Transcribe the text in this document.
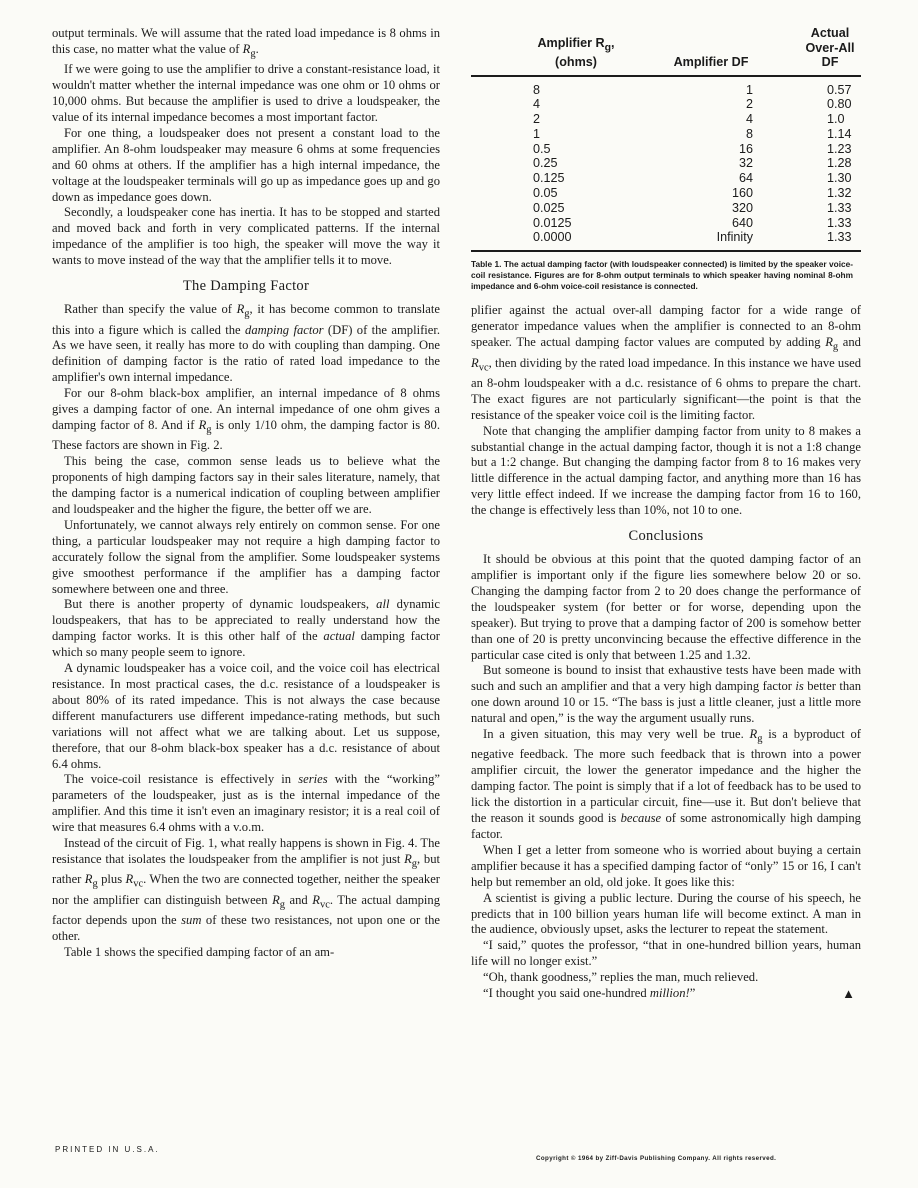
output terminals. We will assume that the rated load impedance is 8 ohms in this case, no matter what the value of $R_g$.

If we were going to use the amplifier to drive a constant-resistance load, it wouldn't matter whether the internal impedance was one ohm or 10 ohms or 10,000 ohms. But because the amplifier is used to drive a loudspeaker, the value of its internal impedance becomes a most important factor.

For one thing, a loudspeaker does not present a constant load to the amplifier. An 8-ohm loudspeaker may measure 6 ohms at some frequencies and 60 ohms at others. If the amplifier has a high internal impedance, the voltage at the loudspeaker terminals will go up as impedance goes up and go down as impedance goes down.

Secondly, a loudspeaker cone has inertia. It has to be stopped and started and moved back and forth in very complicated patterns. If the internal impedance of the amplifier is too high, the speaker will move the way it wants to move instead of the way that the amplifier tells it to move.

The Damping Factor

Rather than specify the value of $R_g$, it has become common to translate this into a figure which is called the damping factor (DF) of the amplifier. As we have seen, it really has more to do with coupling than damping. One definition of damping factor is the ratio of rated load impedance to the amplifier's own internal impedance.

For our 8-ohm black-box amplifier, an internal impedance of 8 ohms gives a damping factor of one. An internal impedance of one ohm gives a damping factor of 8. And if $R_g$ is only 1/10 ohm, the damping factor is 80. These factors are shown in Fig. 2.

This being the case, common sense leads us to believe what the proponents of high damping factors say in their sales literature, namely, that the damping factor is a numerical indication of coupling between amplifier and loudspeaker and the higher the figure, the better off we are.

Unfortunately, we cannot always rely entirely on common sense. For one thing, a particular loudspeaker may not require a high damping factor to accurately follow the signal from the amplifier. Some loudspeaker systems give smoothest performance if the amplifier has a damping factor somewhere between one and three.

But there is another property of dynamic loudspeakers, all dynamic loudspeakers, that has to be appreciated to really understand how the damping factor works. It is this other half of the actual damping factor which so many people seem to ignore.

A dynamic loudspeaker has a voice coil, and the voice coil has electrical resistance. In most practical cases, the d.c. resistance of a loudspeaker is about 80% of its rated impedance. This is not always the case because different manufacturers use different impedance-rating methods, but such variations will not affect what we are talking about. Let us suppose, therefore, that our 8-ohm black-box speaker has a d.c. resistance of about 6.4 ohms.

The voice-coil resistance is effectively in series with the “working” parameters of the loudspeaker, just as is the internal impedance of the amplifier. And this time it isn't even an imaginary resistor; it is a real coil of wire that measures 6.4 ohms with a v.o.m.

Instead of the circuit of Fig. 1, what really happens is shown in Fig. 4. The resistance that isolates the loudspeaker from the amplifier is not just $R_g$, but rather $R_g$ plus $R_{vc}$. When the two are connected together, neither the speaker nor the amplifier can distinguish between $R_g$ and $R_{vc}$. The actual damping factor depends upon the sum of these two resistances, not upon one or the other.

Table 1 shows the specified damping factor of an am-

Amplifier $R_g$,
(ohms)	Amplifier DF	Actual
Over-All DF
8	1	0.57
4	2	0.80
2	4	1.0
1	8	1.14
0.5	16	1.23
0.25	32	1.28
0.125	64	1.30
0.05	160	1.32
0.025	320	1.33
0.0125	640	1.33
0.0000	Infinity	1.33
Table 1. The actual damping factor (with loudspeaker connected) is limited by the speaker voice-coil resistance. Figures are for 8-ohm output terminals to which speaker having nominal 8-ohm impedance and 6-ohm voice-coil resistance is connected.

plifier against the actual over-all damping factor for a wide range of generator impedance values when the amplifier is connected to an 8-ohm speaker. The actual damping factor values are computed by adding $R_g$ and $R_{vc}$, then dividing by the rated load impedance. In this instance we have used an 8-ohm loudspeaker with a d.c. resistance of 6 ohms to prepare the chart. The exact figures are not particularly significant—the point is that the resistance of the speaker voice coil is the limiting factor.

Note that changing the amplifier damping factor from unity to 8 makes a substantial change in the actual damping factor, though it is not a 1:8 change but a 1:2 change. But changing the damping factor from 8 to 16 makes very little difference in the actual damping factor, and anything more than 16 has very little effect indeed. If we increase the damping factor from 16 to 160, the change is effectively less than 10%, not 10 to one.

Conclusions

It should be obvious at this point that the quoted damping factor of an amplifier is important only if the figure lies somewhere below 20 or so. Changing the damping factor from 2 to 20 does change the performance of the loudspeaker system (for better or for worse, depending upon the speaker). But trying to prove that a damping factor of 200 is somehow better than one of 20 is pretty unconvincing because the effective difference in the particular case cited is only that between 1.25 and 1.32.

But someone is bound to insist that exhaustive tests have been made with such and such an amplifier and that a very high damping factor is better than one down around 10 or 15. “The bass is just a little cleaner, just a little more natural and open,” is the way the argument usually runs.

In a given situation, this may very well be true. $R_g$ is a byproduct of negative feedback. The more such feedback that is thrown into a power amplifier circuit, the lower the generator impedance and the higher the damping factor. The point is simply that if a lot of feedback has to be used to lick the distortion in a particular circuit, fine—use it. But don't believe that the reason it sounds good is because of some astronomically high damping factor.

When I get a letter from someone who is worried about buying a certain amplifier because it has a specified damping factor of “only” 15 or 16, I can't help but remember an old, old joke. It goes like this:

A scientist is giving a public lecture. During the course of his speech, he predicts that in 100 billion years human life will become extinct. A man in the audience, obviously upset, asks the lecturer to repeat the statement.

“I said,” quotes the professor, “that in one-hundred billion years, human life will no longer exist.”

“Oh, thank goodness,” replies the man, much relieved.

“I thought you said one-hundred million!”	▲

PRINTED IN U.S.A.
Copyright © 1964 by Ziff-Davis Publishing Company. All rights reserved.
